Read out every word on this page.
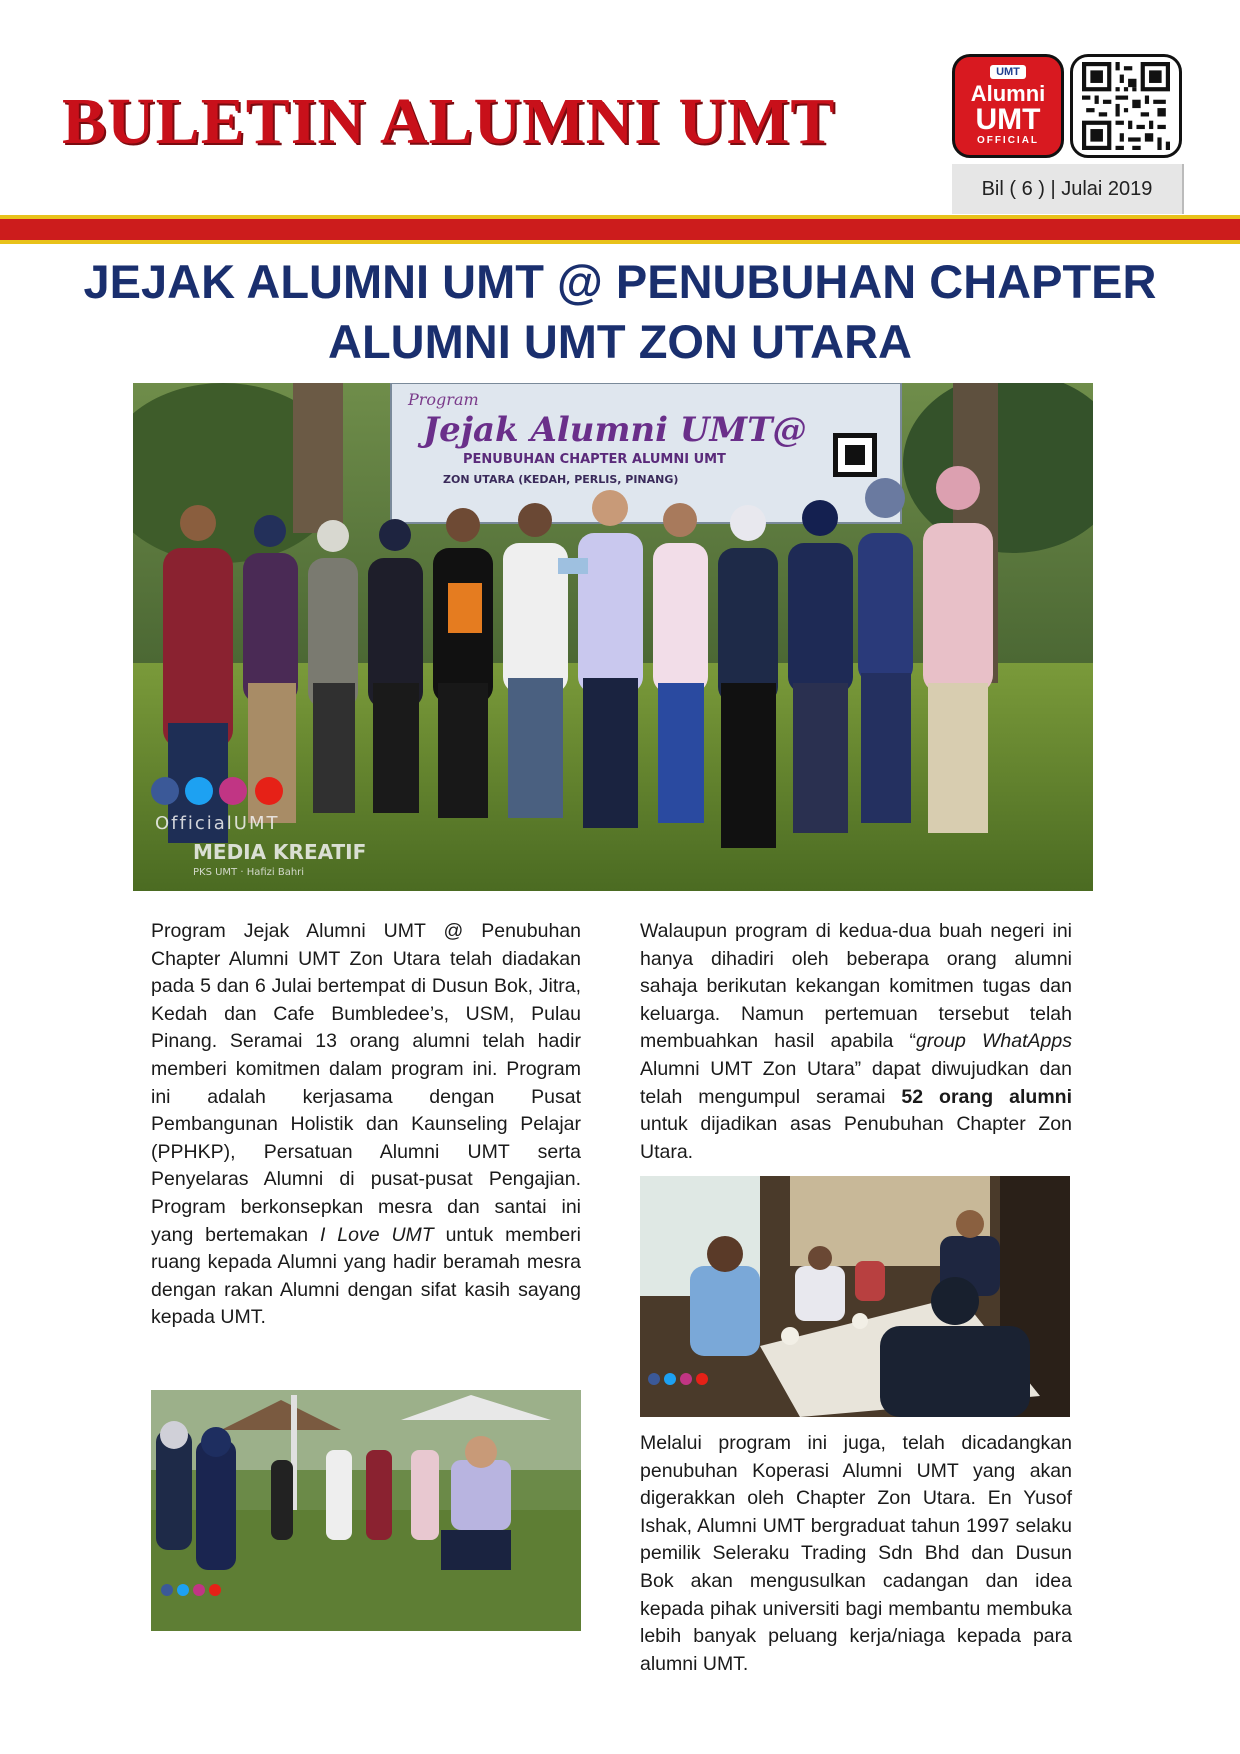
BULETIN ALUMNI UMT
UMT
Alumni
UMT
OFFICIAL
Bil ( 6 ) | Julai 2019
JEJAK ALUMNI UMT @ PENUBUHAN CHAPTER ALUMNI UMT ZON UTARA
Program
Jejak Alumni UMT@
PENUBUHAN CHAPTER ALUMNI UMT
ZON UTARA (KEDAH, PERLIS, PINANG)
OfficialUMT
MEDIA KREATIF
PKS UMT · Hafizi Bahri

Program Jejak Alumni UMT @ Penubuhan Chapter Alumni UMT Zon Utara telah diadakan pada 5 dan 6 Julai bertempat di Dusun Bok, Jitra, Kedah dan Cafe Bumbledee’s, USM, Pulau Pinang. Seramai 13 orang alumni telah hadir memberi komitmen dalam program ini. Program ini adalah kerjasama dengan Pusat Pembangunan Holistik dan Kaunseling Pelajar (PPHKP), Persatuan Alumni UMT serta Penyelaras Alumni di pusat-pusat Pengajian. Program berkonsepkan mesra dan santai ini yang bertemakan I Love UMT untuk memberi ruang kepada Alumni yang hadir beramah mesra dengan rakan Alumni dengan sifat kasih sayang kepada UMT.

Walaupun program di kedua-dua buah negeri ini hanya dihadiri oleh beberapa orang alumni sahaja berikutan kekangan komitmen tugas dan keluarga. Namun pertemuan tersebut telah membuahkan hasil apabila “group WhatApps Alumni UMT Zon Utara” dapat diwujudkan dan telah mengumpul seramai 52 orang alumni untuk dijadikan asas Penubuhan Chapter Zon Utara.

Melalui program ini juga, telah dicadangkan penubuhan Koperasi Alumni UMT yang akan digerakkan oleh Chapter Zon Utara. En Yusof Ishak, Alumni UMT bergraduat tahun 1997 selaku pemilik Seleraku Trading Sdn Bhd dan Dusun Bok akan mengusulkan cadangan dan idea kepada pihak universiti bagi membantu membuka lebih banyak peluang kerja/niaga kepada para alumni UMT.
